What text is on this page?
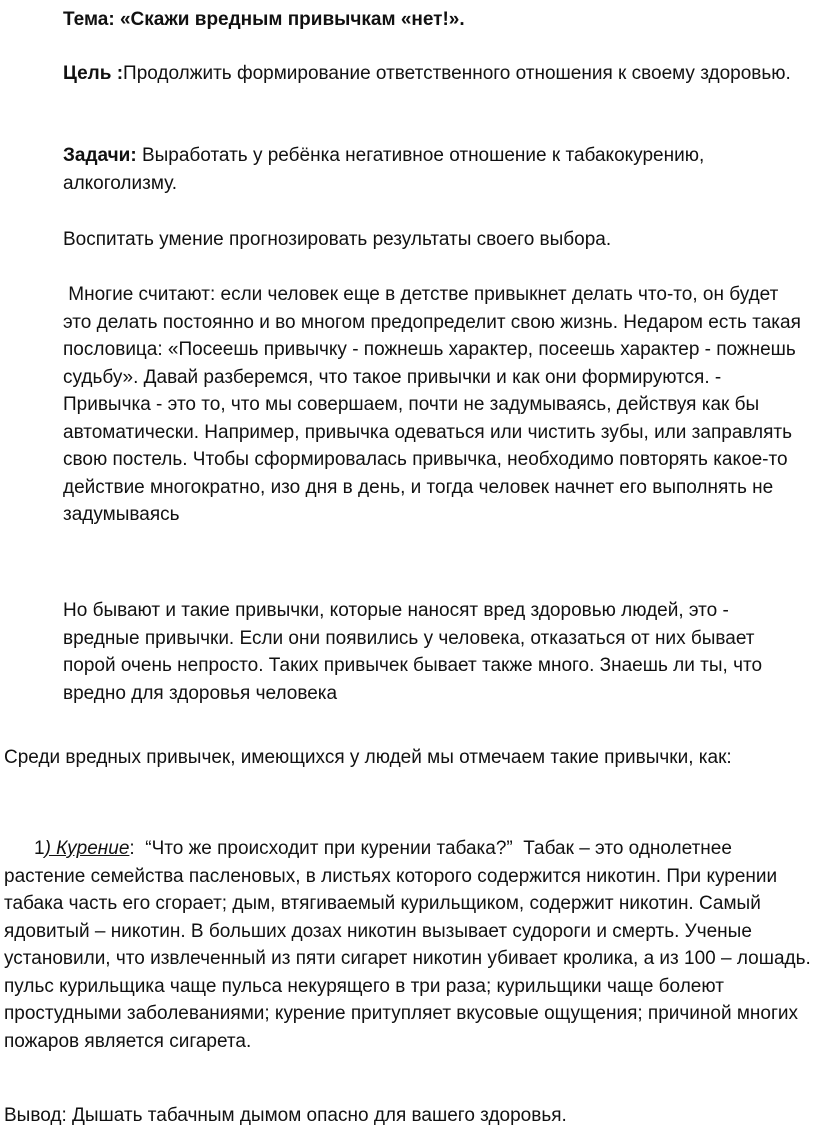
Тема: «Скажи вредным привычкам «нет!».

Цель :Продолжить формирование ответственного отношения к своему здоровью.

Задачи: Выработать у ребёнка негативное отношение к табакокурению, алкоголизму.

Воспитать умение прогнозировать результаты своего выбора.

Многие считают: если человек еще в детстве привыкнет делать что-то, он будет это делать постоянно и во многом предопределит свою жизнь. Недаром есть такая пословица: «Посеешь привычку - пожнешь характер, посеешь характер - пожнешь судьбу». Давай разберемся, что такое привычки и как они формируются. - Привычка - это то, что мы совершаем, почти не задумываясь, действуя как бы автоматически. Например, привычка одеваться или чистить зубы, или заправлять свою постель. Чтобы сформировалась привычка, необходимо повторять какое-то действие многократно, изо дня в день, и тогда человек начнет его выполнять не задумываясь

Но бывают и такие привычки, которые наносят вред здоровью людей, это - вредные привычки. Если они появились у человека, отказаться от них бывает порой очень непросто. Таких привычек бывает также много. Знаешь ли ты, что вредно для здоровья человека

Среди вредных привычек, имеющихся у людей мы отмечаем такие привычки, как:

1) Курение:  “Что же происходит при курении табака?”  Табак – это однолетнее растение семейства пасленовых, в листьях которого содержится никотин. При курении табака часть его сгорает; дым, втягиваемый курильщиком, содержит никотин. Самый ядовитый – никотин. В больших дозах никотин вызывает судороги и смерть. Ученые установили, что извлеченный из пяти сигарет никотин убивает кролика, а из 100 – лошадь. пульс курильщика чаще пульса некурящего в три раза; курильщики чаще болеют простудными заболеваниями; курение притупляет вкусовые ощущения; причиной многих пожаров является сигарета.

Вывод: Дышать табачным дымом опасно для вашего здоровья.
